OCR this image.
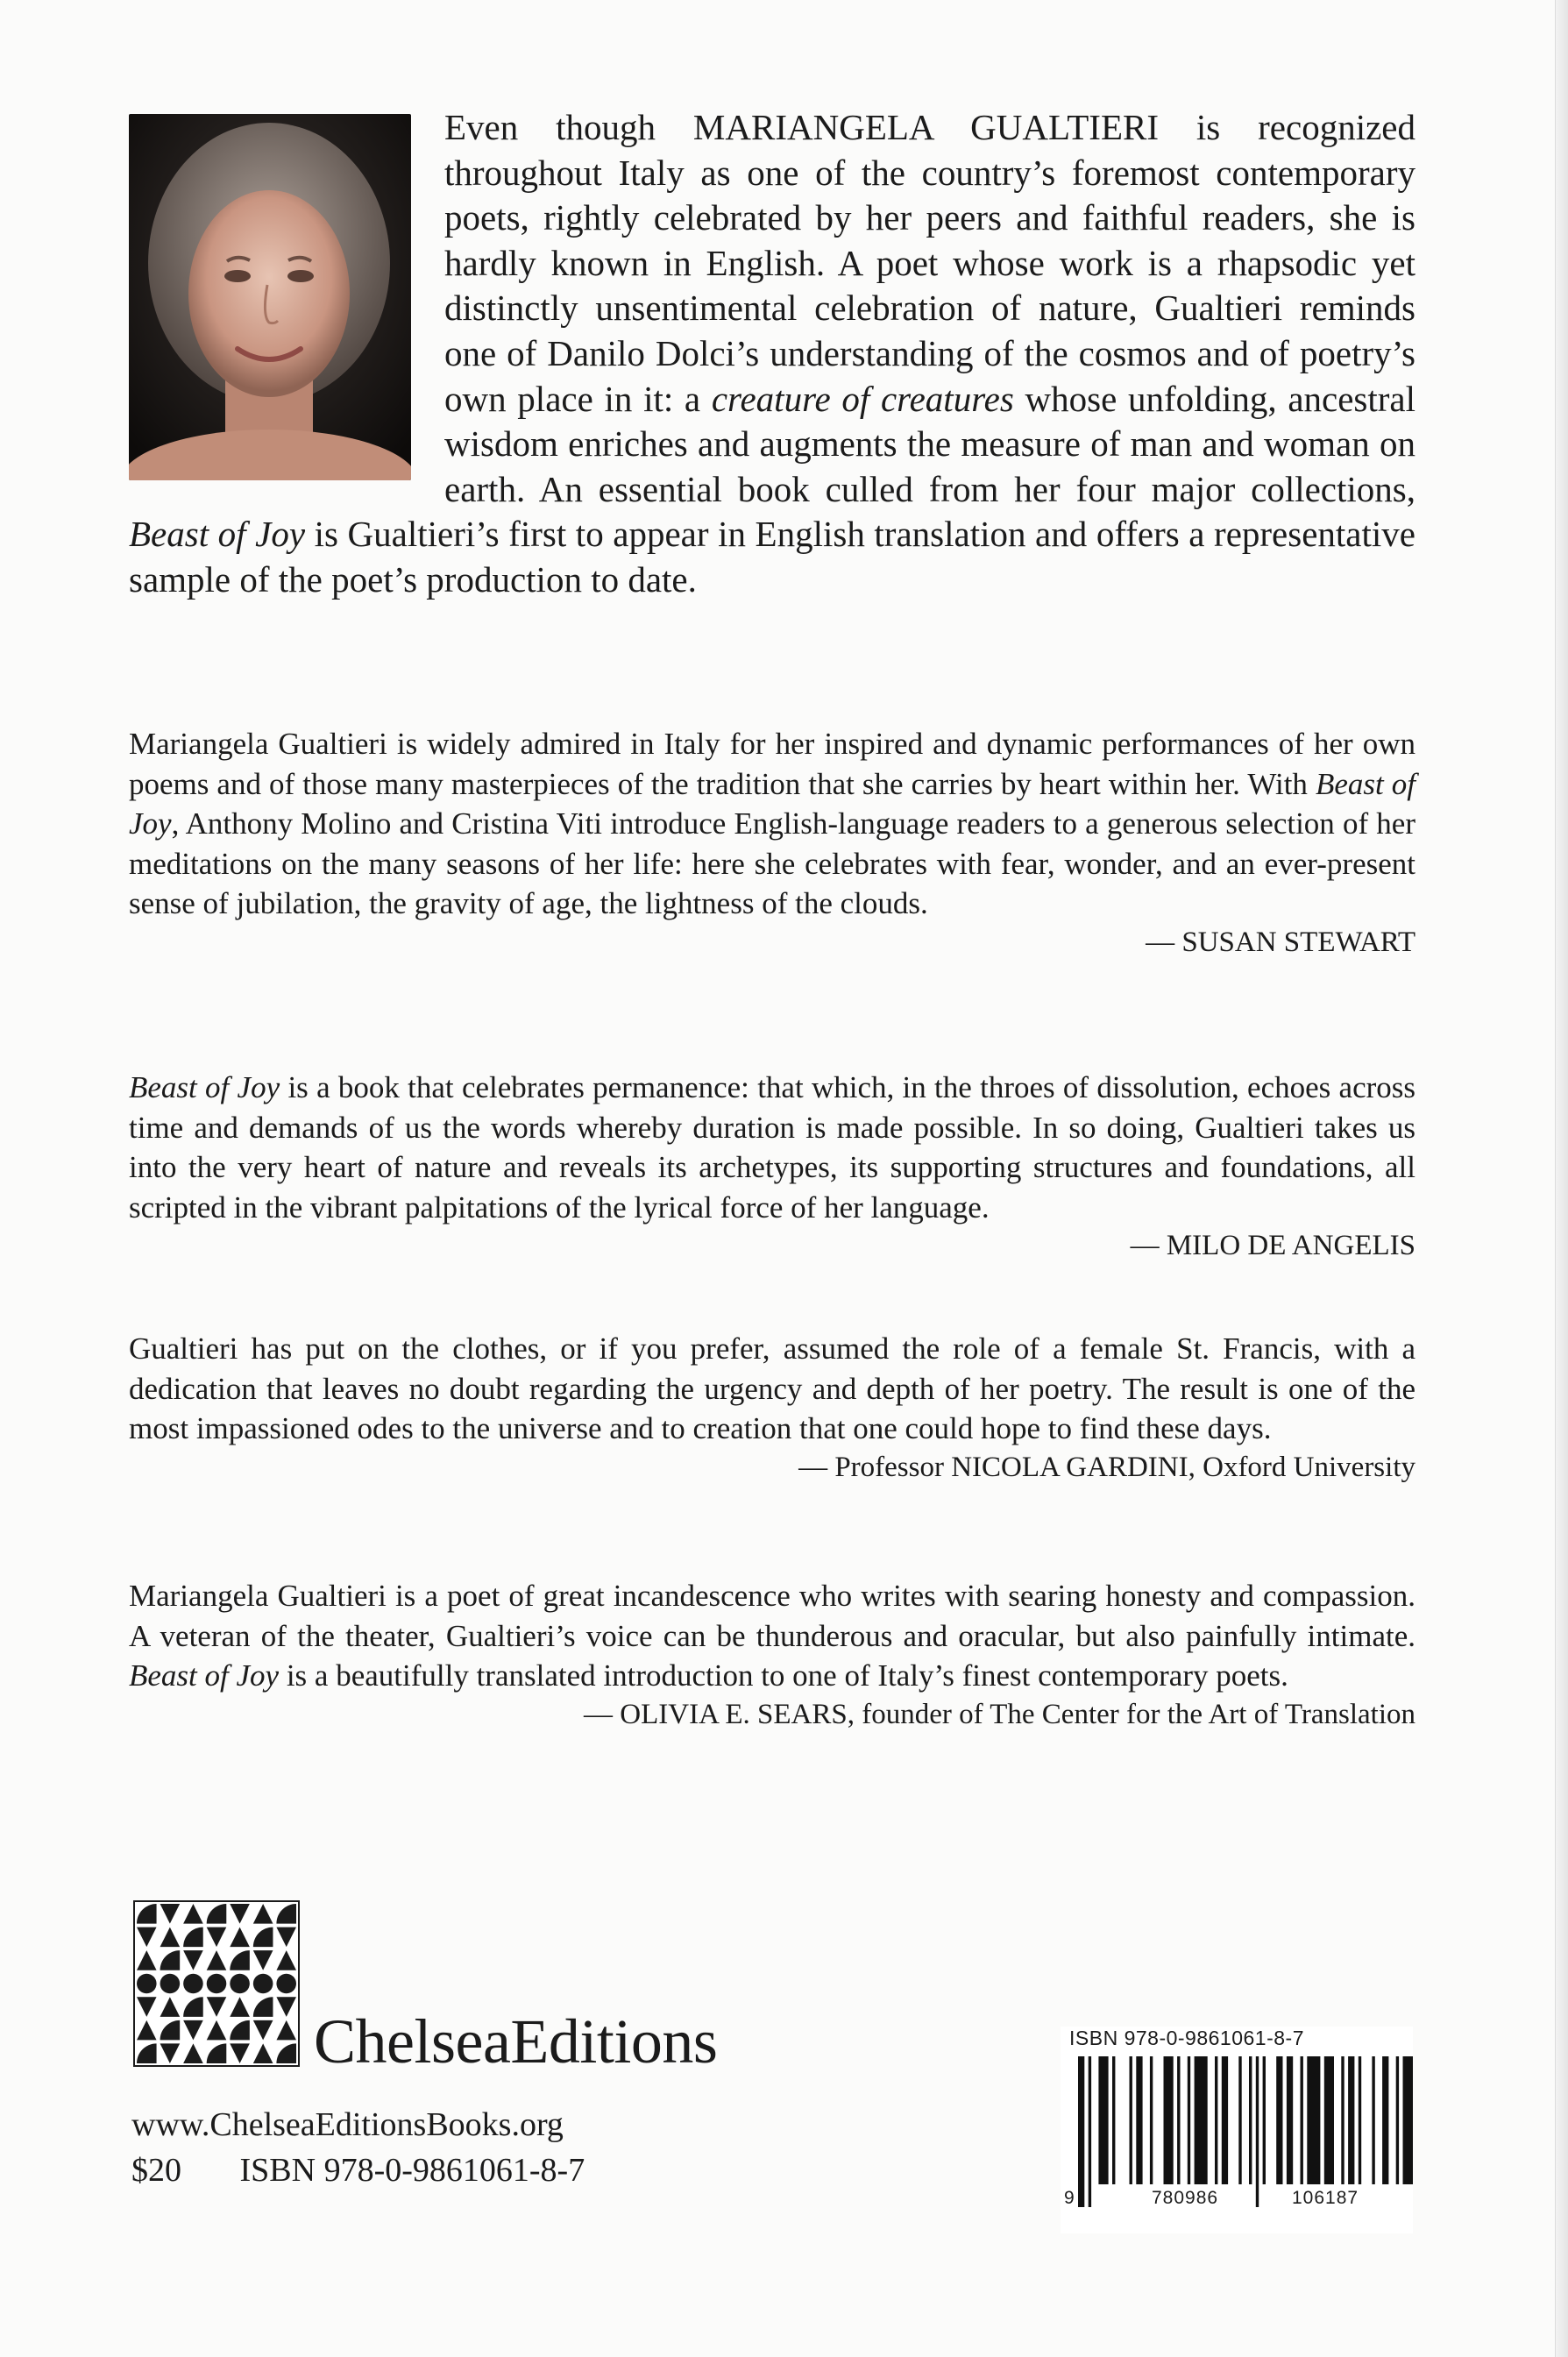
Even though MARIANGELA GUALTIERI is recognized throughout Italy as one of the country’s foremost contemporary poets, rightly celebrated by her peers and faithful readers, she is hardly known in English. A poet whose work is a rhapsodic yet distinctly unsentimental celebration of nature, Gualtieri reminds one of Danilo Dolci’s understanding of the cosmos and of poetry’s own place in it: a creature of creatures whose unfolding, ancestral wisdom enriches and augments the measure of man and woman on earth. An essential book culled from her four major collections, Beast of Joy is Gualtieri’s first to appear in English translation and offers a representative sample of the poet’s production to date.

Mariangela Gualtieri is widely admired in Italy for her inspired and dynamic performances of her own poems and of those many masterpieces of the tradition that she carries by heart within her. With Beast of Joy, Anthony Molino and Cristina Viti introduce English-language readers to a generous selection of her meditations on the many seasons of her life: here she celebrates with fear, wonder, and an ever-present sense of jubilation, the gravity of age, the lightness of the clouds.

— SUSAN STEWART

Beast of Joy is a book that celebrates permanence: that which, in the throes of dissolution, echoes across time and demands of us the words whereby duration is made possible. In so doing, Gualtieri takes us into the very heart of nature and reveals its archetypes, its supporting structures and foundations, all scripted in the vibrant palpitations of the lyrical force of her language.

— MILO DE ANGELIS

Gualtieri has put on the clothes, or if you prefer, assumed the role of a female St. Francis, with a dedication that leaves no doubt regarding the urgency and depth of her poetry. The result is one of the most impassioned odes to the universe and to creation that one could hope to find these days.

— Professor NICOLA GARDINI, Oxford University

Mariangela Gualtieri is a poet of great incandescence who writes with searing honesty and compassion. A veteran of the theater, Gualtieri’s voice can be thunderous and oracular, but also painfully intimate. Beast of Joy is a beautifully translated introduction to one of Italy’s finest contemporary poets.

— OLIVIA E. SEARS, founder of The Center for the Art of Translation
ChelseaEditions
www.ChelseaEditionsBooks.org
$20 ISBN 978-0-9861061-8-7
ISBN 978-0-9861061-8-7
9	780986	106187
